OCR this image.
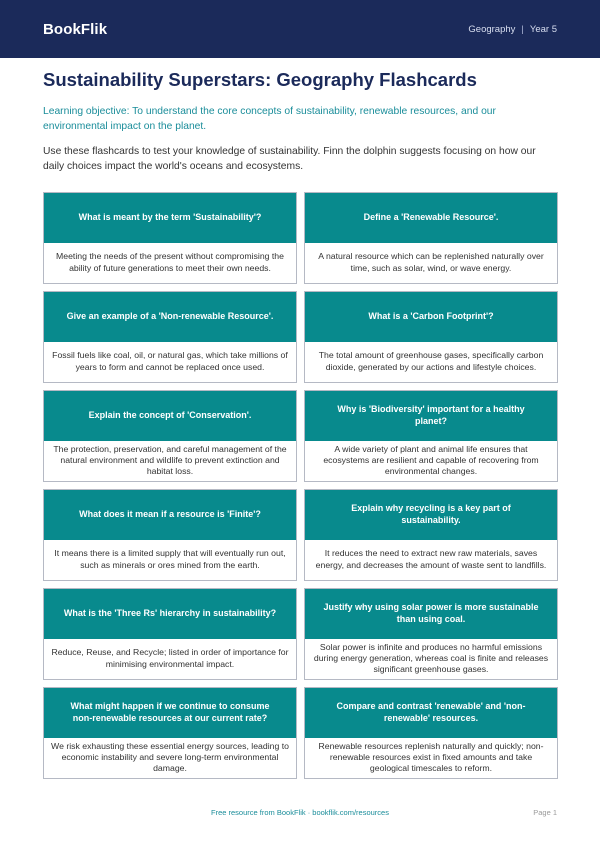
BookFlik	Geography | Year 5
Sustainability Superstars: Geography Flashcards

Learning objective: To understand the core concepts of sustainability, renewable resources, and our environmental impact on the planet.

Use these flashcards to test your knowledge of sustainability. Finn the dolphin suggests focusing on how our daily choices impact the world's oceans and ecosystems.

What is meant by the term 'Sustainability'?
Meeting the needs of the present without compromising the ability of future generations to meet their own needs.
Define a 'Renewable Resource'.
A natural resource which can be replenished naturally over time, such as solar, wind, or wave energy.
Give an example of a 'Non-renewable Resource'.
Fossil fuels like coal, oil, or natural gas, which take millions of years to form and cannot be replaced once used.
What is a 'Carbon Footprint'?
The total amount of greenhouse gases, specifically carbon dioxide, generated by our actions and lifestyle choices.
Explain the concept of 'Conservation'.
The protection, preservation, and careful management of the natural environment and wildlife to prevent extinction and habitat loss.
Why is 'Biodiversity' important for a healthy planet?
A wide variety of plant and animal life ensures that ecosystems are resilient and capable of recovering from environmental changes.
What does it mean if a resource is 'Finite'?
It means there is a limited supply that will eventually run out, such as minerals or ores mined from the earth.
Explain why recycling is a key part of sustainability.
It reduces the need to extract new raw materials, saves energy, and decreases the amount of waste sent to landfills.
What is the 'Three Rs' hierarchy in sustainability?
Reduce, Reuse, and Recycle; listed in order of importance for minimising environmental impact.
Justify why using solar power is more sustainable than using coal.
Solar power is infinite and produces no harmful emissions during energy generation, whereas coal is finite and releases significant greenhouse gases.
What might happen if we continue to consume non-renewable resources at our current rate?
We risk exhausting these essential energy sources, leading to economic instability and severe long-term environmental damage.
Compare and contrast 'renewable' and 'non-renewable' resources.
Renewable resources replenish naturally and quickly; non-renewable resources exist in fixed amounts and take geological timescales to reform.
Free resource from BookFlik · bookflik.com/resources	Page 1
